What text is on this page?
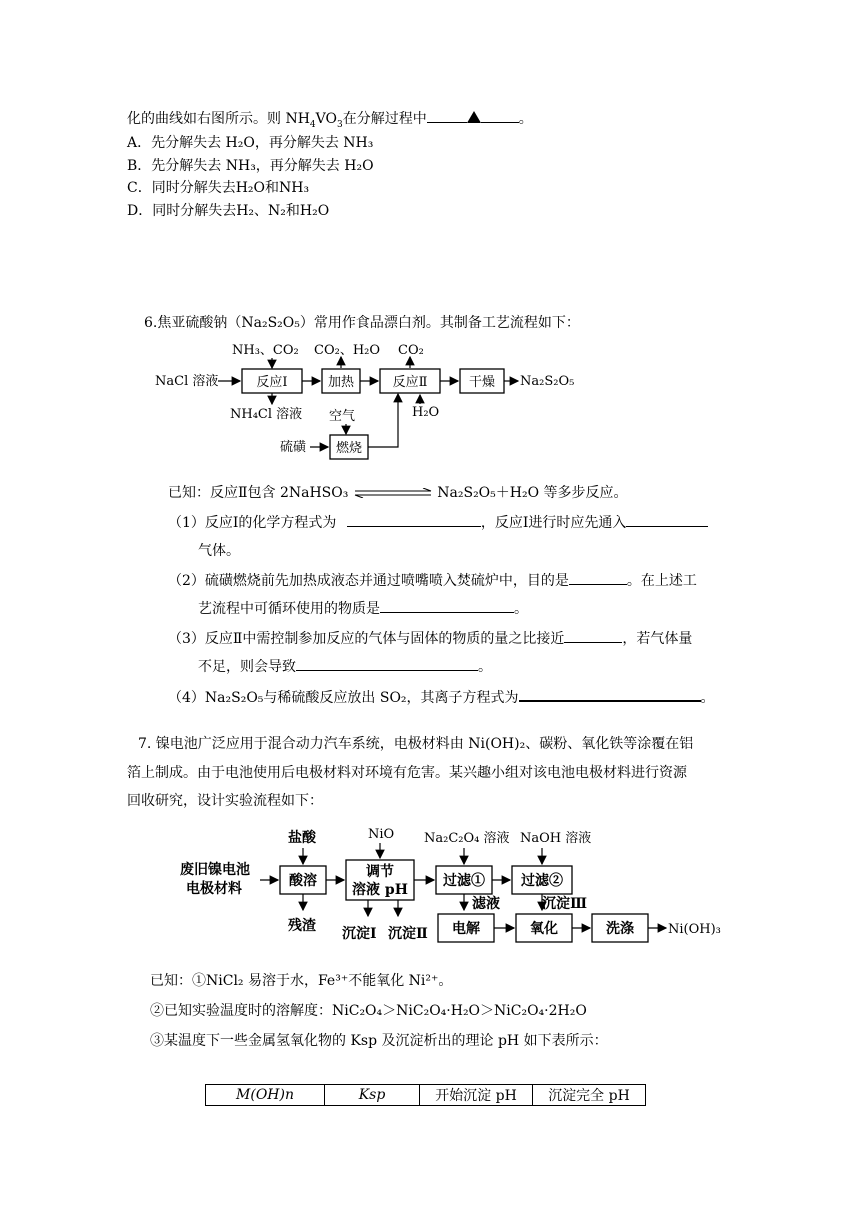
化的曲线如右图所示。则 $NH_4VO_3$在分解过程中	。
A．先分解失去 H₂O，再分解失去 NH₃
B．先分解失去 NH₃，再分解失去 H₂O
C．同时分解失去H₂O和NH₃
D．同时分解失去H₂、N₂和H₂O
6.焦亚硫酸钠（Na₂S₂O₅）常用作食品漂白剂。其制备工艺流程如下：
NaCl 溶液	反应Ⅰ
NH₃、CO₂
NH₄Cl 溶液
加热
CO₂、H₂O
反应Ⅱ
CO₂
干燥 Na₂S₂O₅
空气
燃烧
硫磺
H₂O
已知：反应Ⅱ包含 2NaHSO₃	Na₂S₂O₅＋H₂O 等多步反应。
（1）反应Ⅰ的化学方程式为	，反应Ⅰ进行时应先通入
气体。
（2）硫磺燃烧前先加热成液态并通过喷嘴喷入焚硫炉中，目的是	。在上述工
艺流程中可循环使用的物质是	。
（3）反应Ⅱ中需控制参加反应的气体与固体的物质的量之比接近	，若气体量
不足，则会导致	。
（4）Na₂S₂O₅与稀硫酸反应放出 SO₂，其离子方程式为	。
7. 镍电池广泛应用于混合动力汽车系统，电极材料由 Ni(OH)₂、碳粉、氧化铁等涂覆在铝
箔上制成。由于电池使用后电极材料对环境有危害。某兴趣小组对该电池电极材料进行资源
回收研究，设计实验流程如下：
废旧镍电池
电极材料	酸溶
盐酸
残渣
调节
溶液 pH
NiO
沉淀Ⅰ 沉淀Ⅱ
过滤①
Na₂C₂O₄ 溶液
滤液
过滤②
NaOH 溶液
沉淀Ⅲ
电解	氧化	洗涤	Ni(OH)₃
已知：①NiCl₂ 易溶于水，Fe³⁺不能氧化 Ni²⁺。
②已知实验温度时的溶解度：NiC₂O₄＞NiC₂O₄·H₂O＞NiC₂O₄·2H₂O
③某温度下一些金属氢氧化物的 Ksp 及沉淀析出的理论 pH 如下表所示：
M(OH)n	Ksp	开始沉淀 pH	沉淀完全 pH
